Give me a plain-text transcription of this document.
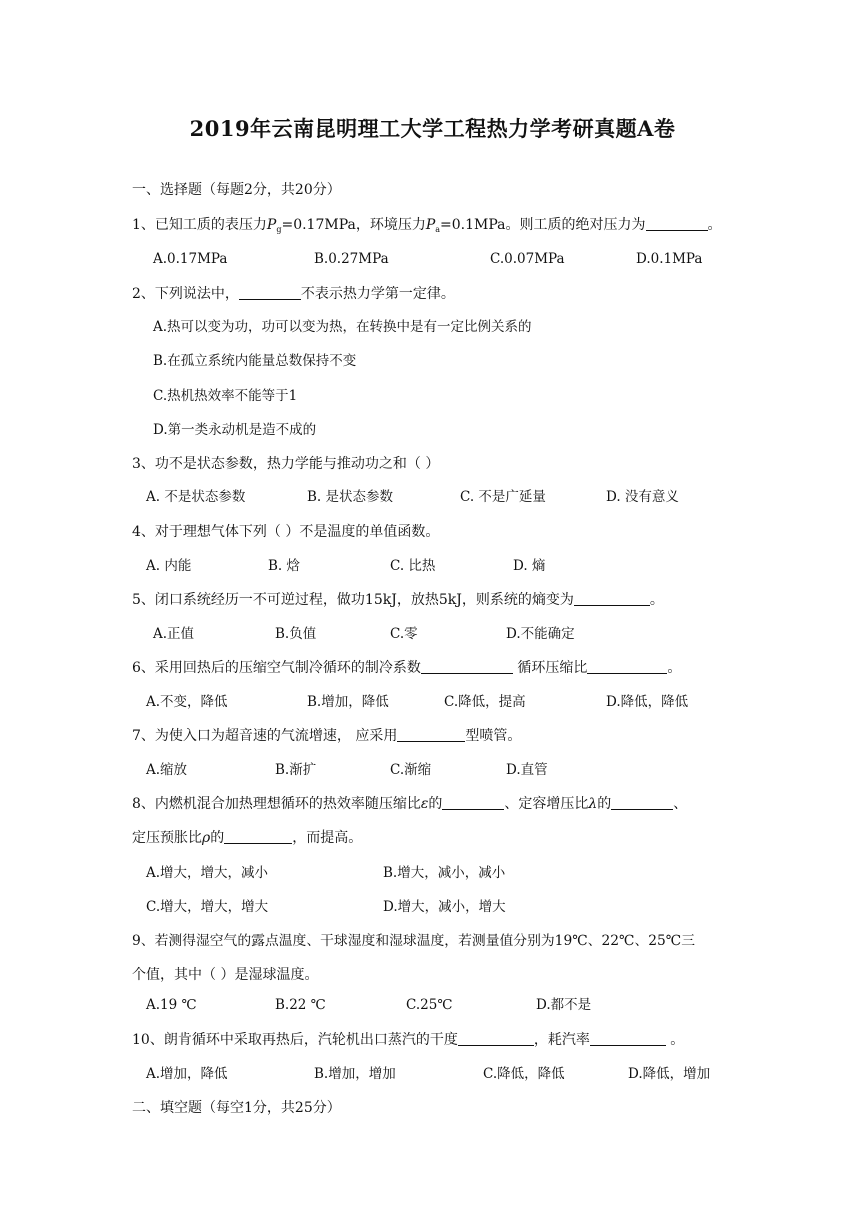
2019年云南昆明理工大学工程热力学考研真题A卷
一、选择题（每题2分，共20分）
1、已知工质的表压力$P_g=0.17MPa$，环境压力$P_a=0.1MPa$。则工质的绝对压力为	。
A.0.17MPa	B.0.27MPa	C.0.07MPa	D.0.1MPa
2、下列说法中，	不表示热力学第一定律。
A.热可以变为功，功可以变为热，在转换中是有一定比例关系的
B.在孤立系统内能量总数保持不变
C.热机热效率不能等于1
D.第一类永动机是造不成的
3、功不是状态参数，热力学能与推动功之和（ ）
A. 不是状态参数	B. 是状态参数	C. 不是广延量	D. 没有意义
4、对于理想气体下列（ ）不是温度的单值函数。
A. 内能	B. 焓	C. 比热	D. 熵
5、闭口系统经历一不可逆过程，做功15kJ，放热5kJ，则系统的熵变为	。
A.正值	B.负值	C.零	D.不能确定
6、采用回热后的压缩空气制冷循环的制冷系数	循环压缩比	。
A.不变，降低	B.增加，降低	C.降低，提高	D.降低，降低
7、为使入口为超音速的气流增速， 应采用	型喷管。
A.缩放	B.渐扩	C.渐缩	D.直管
8、内燃机混合加热理想循环的热效率随压缩比ε的	、定容增压比λ的	、
定压预胀比ρ的	，而提高。
A.增大，增大，减小	B.增大，减小，减小
C.增大，增大，增大	D.增大，减小，增大
9、若测得湿空气的露点温度、干球湿度和湿球温度，若测量值分别为19℃、22℃、25℃三
个值，其中（ ）是湿球温度。
A.19 ℃	B.22 ℃	C.25℃	D.都不是
10、朗肯循环中采取再热后，汽轮机出口蒸汽的干度	，耗汽率	。
A.增加，降低	B.增加，增加	C.降低，降低	D.降低，增加
二、填空题（每空1分，共25分）
